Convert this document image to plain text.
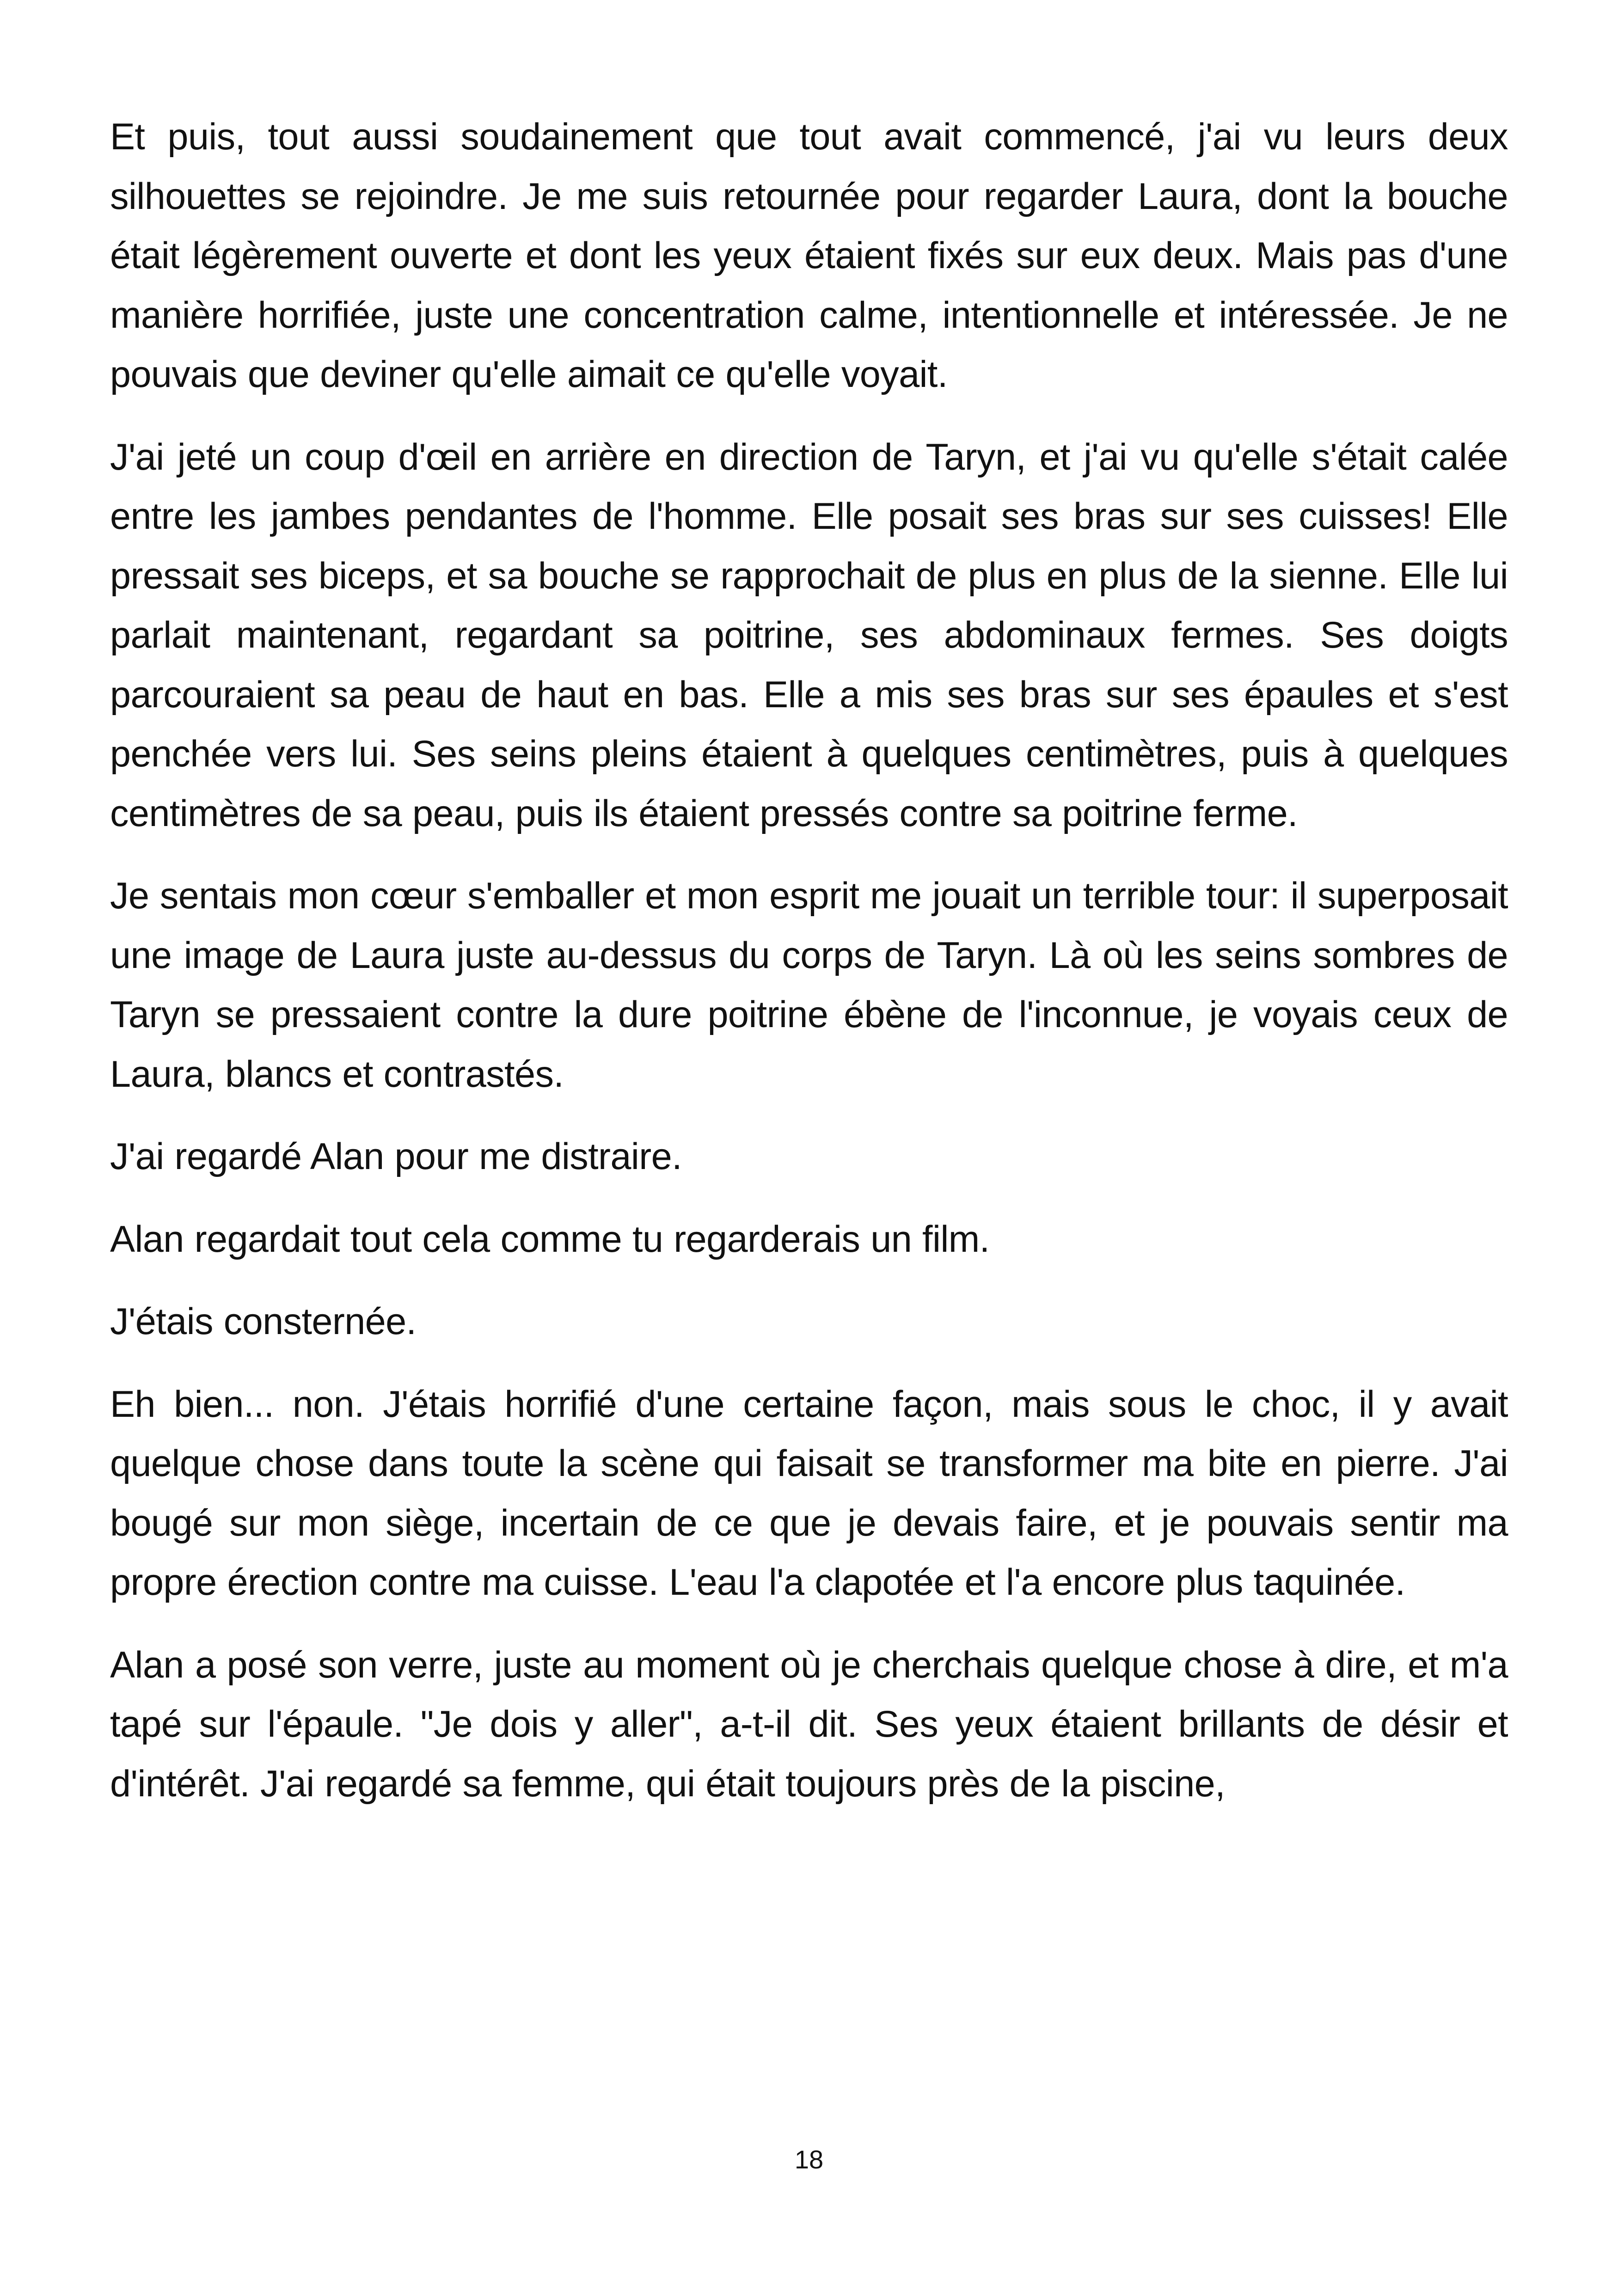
Et puis, tout aussi soudainement que tout avait commencé, j'ai vu leurs deux silhouettes se rejoindre. Je me suis retournée pour regarder Laura, dont la bouche était légèrement ouverte et dont les yeux étaient fixés sur eux deux. Mais pas d'une manière horrifiée, juste une concentration calme, intentionnelle et intéressée. Je ne pouvais que deviner qu'elle aimait ce qu'elle voyait.

J'ai jeté un coup d'œil en arrière en direction de Taryn, et j'ai vu qu'elle s'était calée entre les jambes pendantes de l'homme. Elle posait ses bras sur ses cuisses! Elle pressait ses biceps, et sa bouche se rapprochait de plus en plus de la sienne. Elle lui parlait maintenant, regardant sa poitrine, ses abdominaux fermes. Ses doigts parcouraient sa peau de haut en bas. Elle a mis ses bras sur ses épaules et s'est penchée vers lui. Ses seins pleins étaient à quelques centimètres, puis à quelques centimètres de sa peau, puis ils étaient pressés contre sa poitrine ferme.

Je sentais mon cœur s'emballer et mon esprit me jouait un terrible tour: il superposait une image de Laura juste au-dessus du corps de Taryn. Là où les seins sombres de Taryn se pressaient contre la dure poitrine ébène de l'inconnue, je voyais ceux de Laura, blancs et contrastés.

J'ai regardé Alan pour me distraire.

Alan regardait tout cela comme tu regarderais un film.

J'étais consternée.

Eh bien... non. J'étais horrifié d'une certaine façon, mais sous le choc, il y avait quelque chose dans toute la scène qui faisait se transformer ma bite en pierre. J'ai bougé sur mon siège, incertain de ce que je devais faire, et je pouvais sentir ma propre érection contre ma cuisse. L'eau l'a clapotée et l'a encore plus taquinée.

Alan a posé son verre, juste au moment où je cherchais quelque chose à dire, et m'a tapé sur l'épaule. "Je dois y aller", a-t-il dit. Ses yeux étaient brillants de désir et d'intérêt. J'ai regardé sa femme, qui était toujours près de la piscine,

18
